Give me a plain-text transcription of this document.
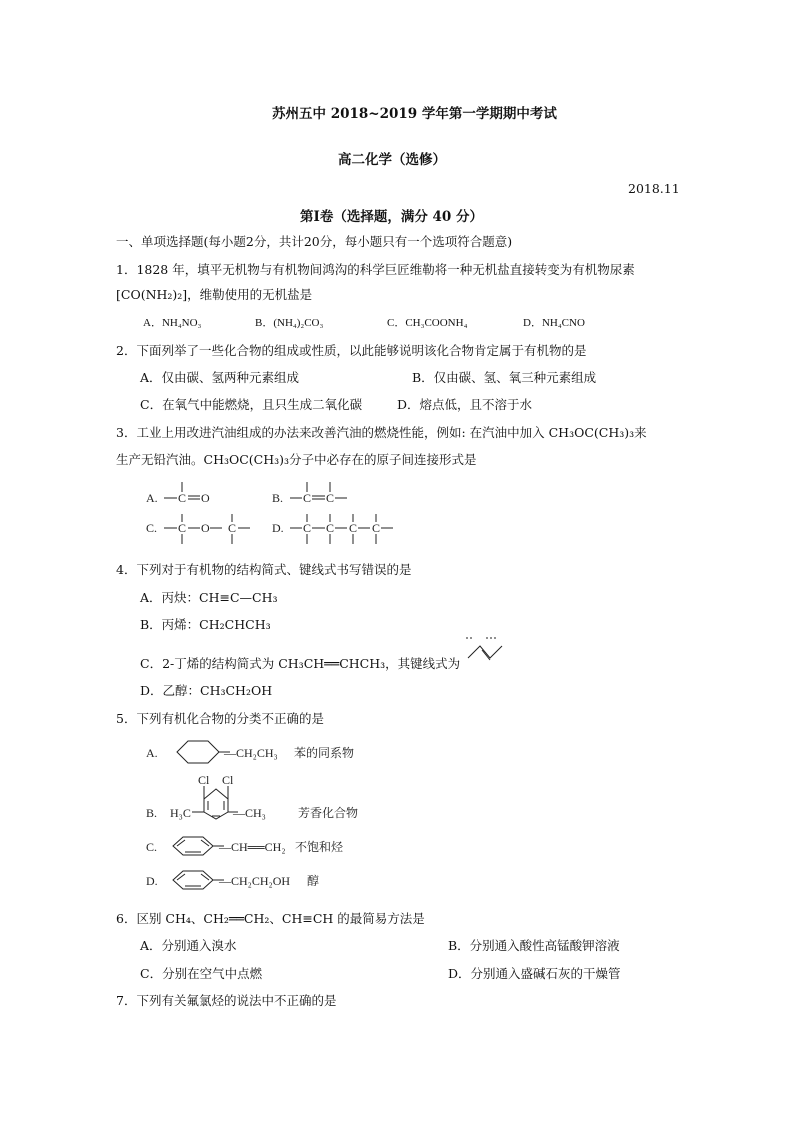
苏州五中 2018~2019 学年第一学期期中考试
高二化学（选修）
2018.11
第Ⅰ卷（选择题，满分 40 分）
一、单项选择题(每小题2分，共计20分，每小题只有一个选项符合题意)
1．1828 年，填平无机物与有机物间鸿沟的科学巨匠维勒将一种无机盐直接转变为有机物尿素
[CO(NH₂)₂]，维勒使用的无机盐是
A．NH₄NO₃	B．(NH₄)₂CO₃	C．CH₃COONH₄	D．NH₄CNO
2．下面列举了一些化合物的组成或性质，以此能够说明该化合物肯定属于有机物的是
A．仅由碳、氢两种元素组成	B．仅由碳、氢、氧三种元素组成
C．在氧气中能燃烧，且只生成二氧化碳	D．熔点低，且不溶于水
3．工业上用改进汽油组成的办法来改善汽油的燃烧性能，例如: 在汽油中加入 CH₃OC(CH₃)₃来
生产无铅汽油。CH₃OC(CH₃)₃分子中必存在的原子间连接形式是
A. C O	B. C C
C. C O C	D. C C C C
4．下列对于有机物的结构简式、键线式书写错误的是
A．丙炔：CH≡C—CH₃
B．丙烯：CH₂CHCH₃
C．2-丁烯的结构简式为 CH₃CH══CHCH₃，其键线式为
D．乙醇：CH₃CH₂OH
5．下列有机化合物的分类不正确的是
A.	—CH₂CH₃ 苯的同系物
Cl Cl
B. H₃C	—CH₃	芳香化合物
C.	—CH══CH₂ 不饱和烃
D.	—CH₂CH₂OH 醇
6．区别 CH₄、CH₂══CH₂、CH≡CH 的最简易方法是
A．分别通入溴水	B．分别通入酸性高锰酸钾溶液
C．分别在空气中点燃	D．分别通入盛碱石灰的干燥管
7．下列有关氟氯烃的说法中不正确的是
